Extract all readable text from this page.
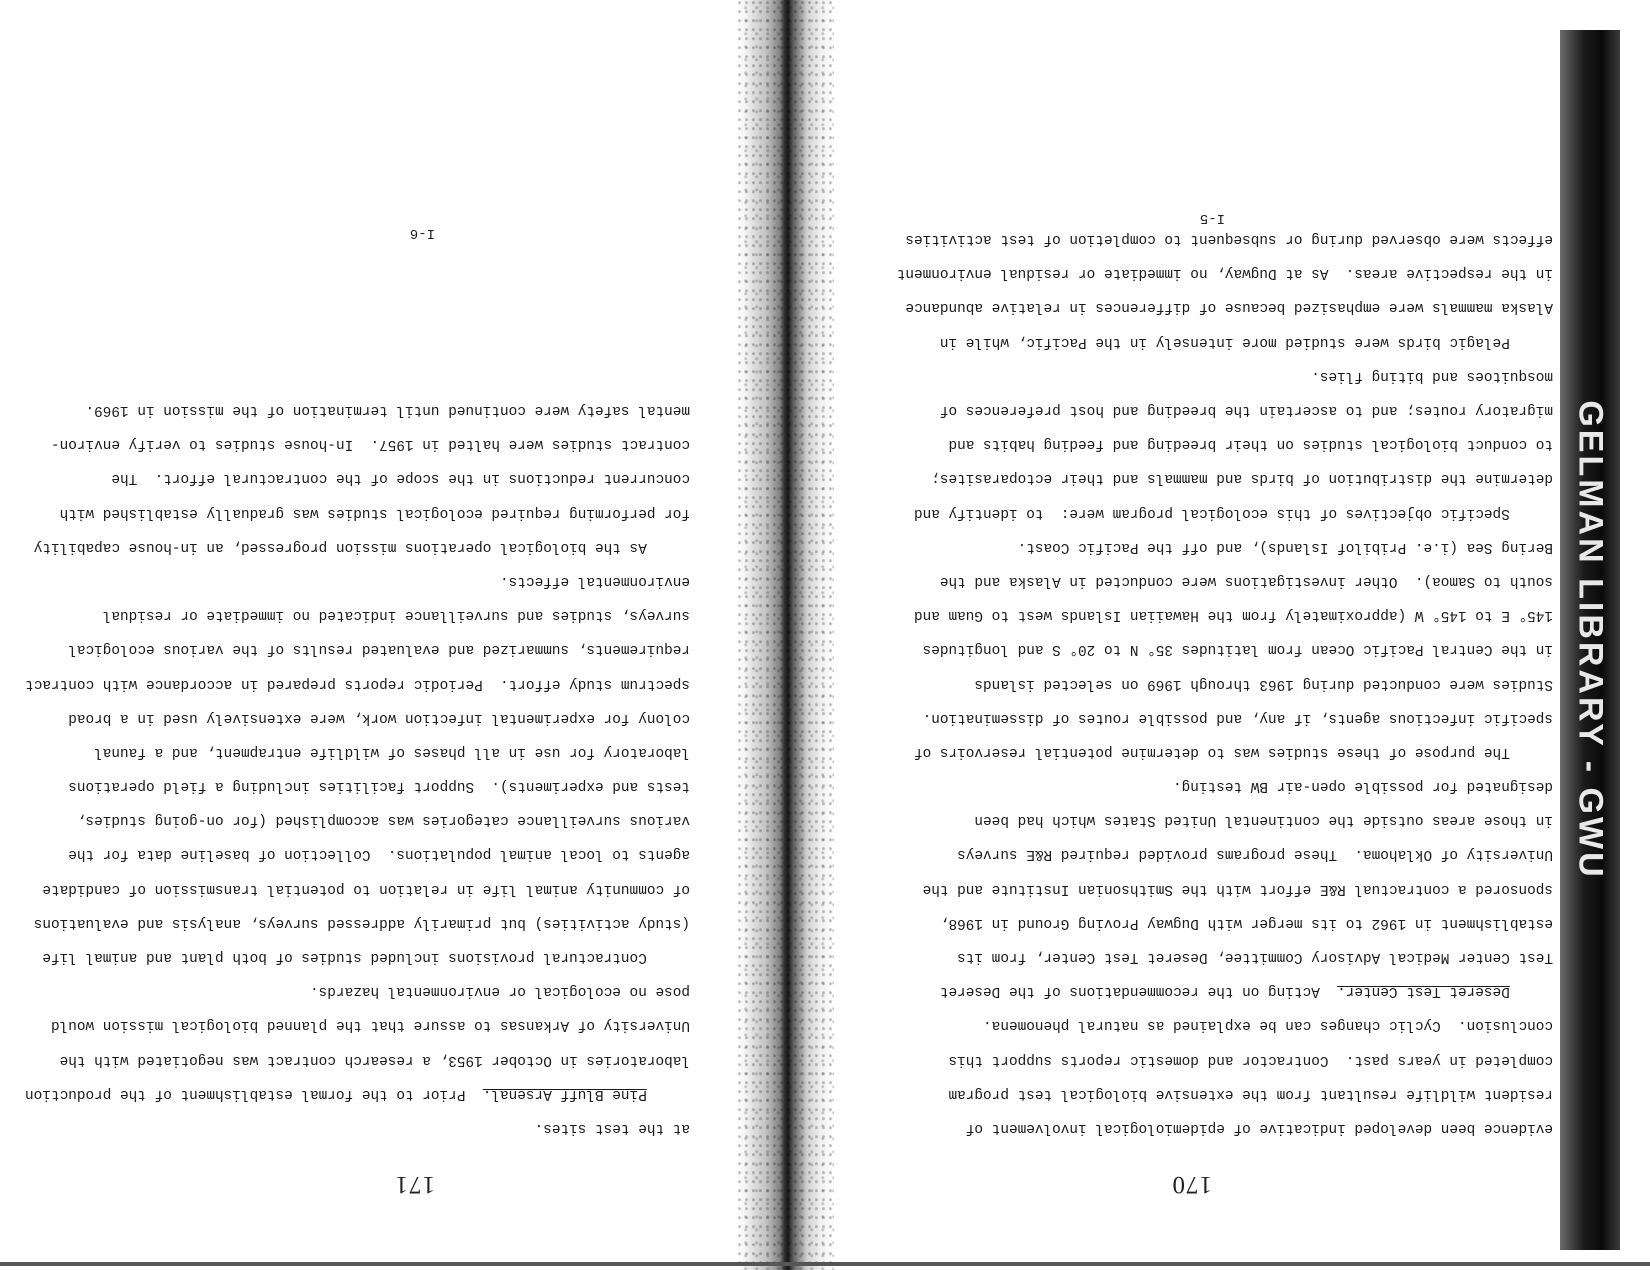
170
evidence been developed indicative of epidemiological involvement of
resident wildlife resultant from the extensive biological test program
completed in years past.  Contractor and domestic reports support this
conclusion.  Cyclic changes can be explained as natural phenomena.
Deseret Test Center.  Acting on the recommendations of the Deseret
Test Center Medical Advisory Committee, Deseret Test Center, from its
establishment in 1962 to its merger with Dugway Proving Ground in 1968,
sponsored a contractual R&E effort with the Smithsonian Institute and the
University of Oklahoma.  These programs provided required R&E surveys
in those areas outside the continental United States which had been
designated for possible open-air BW testing.
The purpose of these studies was to determine potential reservoirs of
specific infectious agents, if any, and possible routes of dissemination.
Studies were conducted during 1963 through 1969 on selected islands
in the Central Pacific Ocean from latitudes 35° N to 20° S and longitudes
145° E to 145° W (approximately from the Hawaiian Islands west to Guam and
south to Samoa).  Other investigations were conducted in Alaska and the
Bering Sea (i.e. Pribilof Islands), and off the Pacific Coast.
Specific objectives of this ecological program were:  to identify and
determine the distribution of birds and mammals and their ectoparasites;
to conduct biological studies on their breeding and feeding habits and
migratory routes; and to ascertain the breeding and host preferences of
mosquitoes and biting flies.
Pelagic birds were studied more intensely in the Pacific, while in
Alaska mammals were emphasized because of differences in relative abundance
in the respective areas.  As at Dugway, no immediate or residual environment
effects were observed during or subsequent to completion of test activities
I-5
171
at the test sites.
Pine Bluff Arsenal.  Prior to the formal establishment of the production
laboratories in October 1953, a research contract was negotiated with the
University of Arkansas to assure that the planned biological mission would
pose no ecological or environmental hazards.
Contractural provisions included studies of both plant and animal life
(study activities) but primarily addressed surveys, analysis and evaluations
of community animal life in relation to potential transmission of candidate
agents to local animal populations.  Collection of baseline data for the
various surveillance categories was accomplished (for on-going studies,
tests and experiments).  Support facilities including a field operations
laboratory for use in all phases of wildlife entrapment, and a faunal
colony for experimental infection work, were extensively used in a broad
spectrum study effort.  Periodic reports prepared in accordance with contract
requirements, summarized and evaluated results of the various ecological
surveys, studies and surveillance indicated no immediate or residual
environmental effects.
As the biological operations mission progressed, an in-house capability
for performing required ecological studies was gradually established with
concurrent reductions in the scope of the contractural effort.  The
contract studies were halted in 1957.  In-house studies to verify environ-
mental safety were continued until termination of the mission in 1969.
I-6
GELMAN LIBRARY - GWU
